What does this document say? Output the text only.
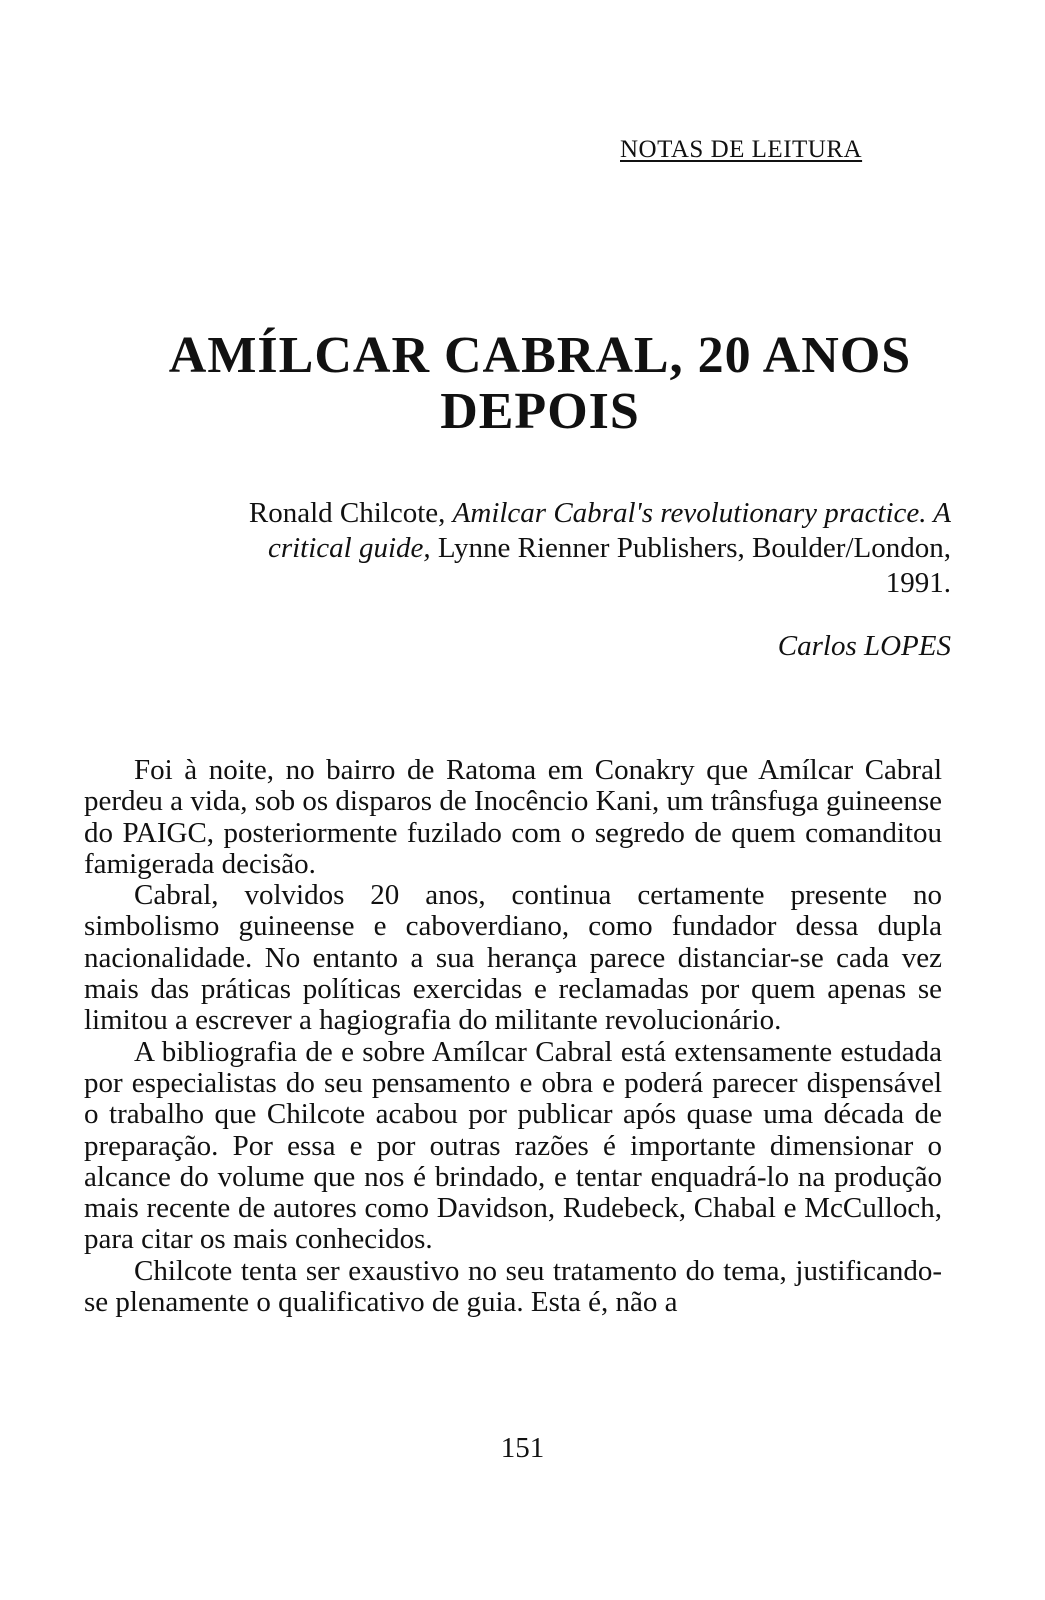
NOTAS DE LEITURA
AMÍLCAR CABRAL, 20 ANOS
DEPOIS
Ronald Chilcote, Amilcar Cabral's revolutionary practice. A critical guide, Lynne Rienner Publishers, Boulder/London, 1991.
Carlos LOPES

Foi à noite, no bairro de Ratoma em Conakry que Amílcar Cabral perdeu a vida, sob os disparos de Inocêncio Kani, um trânsfuga guineense do PAIGC, posteriormente fuzilado com o segredo de quem comanditou famigerada decisão.

Cabral, volvidos 20 anos, continua certamente presente no simbolismo guineense e caboverdiano, como fundador dessa dupla nacionalidade. No entanto a sua herança parece distanciar-se cada vez mais das práticas políticas exercidas e reclamadas por quem apenas se limitou a escrever a hagiografia do militante revolucionário.

A bibliografia de e sobre Amílcar Cabral está extensamente estudada por especialistas do seu pensamento e obra e poderá parecer dispensável o trabalho que Chilcote acabou por publicar após quase uma década de preparação. Por essa e por outras razões é importante dimensionar o alcance do volume que nos é brindado, e tentar enquadrá-lo na produção mais recente de autores como Davidson, Rudebeck, Chabal e McCulloch, para citar os mais conhecidos.

Chilcote tenta ser exaustivo no seu tratamento do tema, justificando-se plenamente o qualificativo de guia. Esta é, não a

151
